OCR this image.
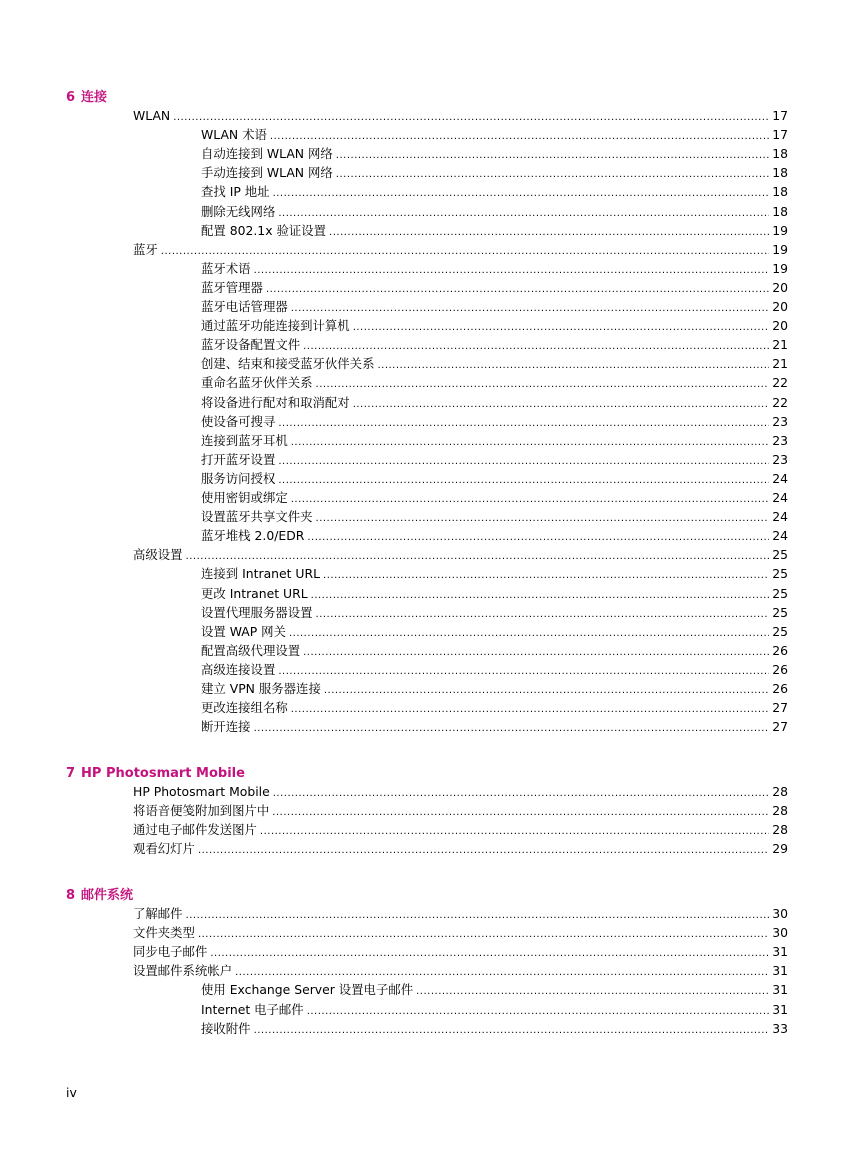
6 连接
WLAN .....	17
WLAN 术语 .....	17
自动连接到 WLAN 网络 .....	18
手动连接到 WLAN 网络 .....	18
查找 IP 地址 .....	18
删除无线网络 .....	18
配置 802.1x 验证设置 .....	19
蓝牙 .....	19
蓝牙术语 .....	19
蓝牙管理器 .....	20
蓝牙电话管理器 .....	20
通过蓝牙功能连接到计算机 .....	20
蓝牙设备配置文件 .....	21
创建、结束和接受蓝牙伙伴关系 .....	21
重命名蓝牙伙伴关系 .....	22
将设备进行配对和取消配对 .....	22
使设备可搜寻 .....	23
连接到蓝牙耳机 .....	23
打开蓝牙设置 .....	23
服务访问授权 .....	24
使用密钥或绑定 .....	24
设置蓝牙共享文件夹 .....	24
蓝牙堆栈 2.0/EDR .....	24
高级设置 .....	25
连接到 Intranet URL .....	25
更改 Intranet URL .....	25
设置代理服务器设置 .....	25
设置 WAP 网关 .....	25
配置高级代理设置 .....	26
高级连接设置 .....	26
建立 VPN 服务器连接 .....	26
更改连接组名称 .....	27
断开连接 .....	27
7 HP Photosmart Mobile
HP Photosmart Mobile .....	28
将语音便笺附加到图片中 .....	28
通过电子邮件发送图片 .....	28
观看幻灯片 .....	29
8 邮件系统
了解邮件 .....	30
文件夹类型 .....	30
同步电子邮件 .....	31
设置邮件系统帐户 .....	31
使用 Exchange Server 设置电子邮件 .....	31
Internet 电子邮件 .....	31
接收附件 .....	33
iv
